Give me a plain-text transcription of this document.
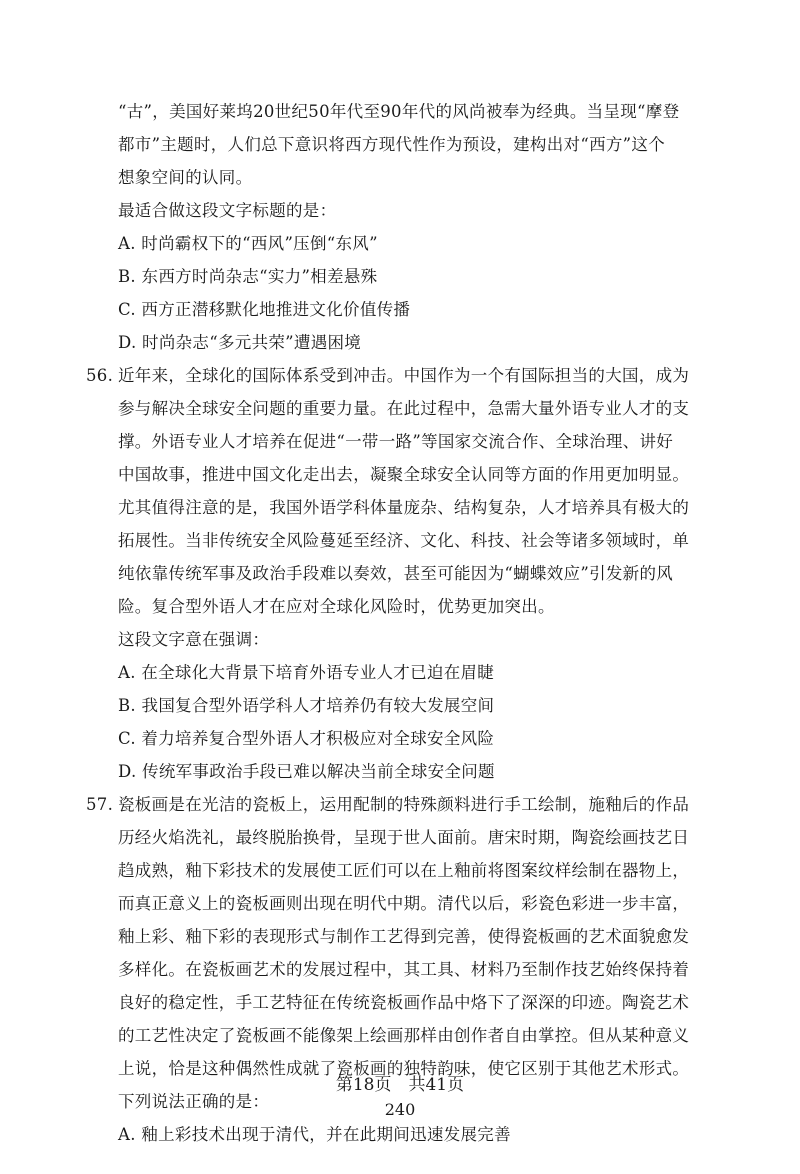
“古”，美国好莱坞20世纪50年代至90年代的风尚被奉为经典。当呈现“摩登
都市”主题时，人们总下意识将西方现代性作为预设，建构出对“西方”这个
想象空间的认同。
最适合做这段文字标题的是：
A. 时尚霸权下的“西风”压倒“东风”
B. 东西方时尚杂志“实力”相差悬殊
C. 西方正潜移默化地推进文化价值传播
D. 时尚杂志“多元共荣”遭遇困境
56. 近年来，全球化的国际体系受到冲击。中国作为一个有国际担当的大国，成为
参与解决全球安全问题的重要力量。在此过程中，急需大量外语专业人才的支
撑。外语专业人才培养在促进“一带一路”等国家交流合作、全球治理、讲好
中国故事，推进中国文化走出去，凝聚全球安全认同等方面的作用更加明显。
尤其值得注意的是，我国外语学科体量庞杂、结构复杂，人才培养具有极大的
拓展性。当非传统安全风险蔓延至经济、文化、科技、社会等诸多领域时，单
纯依靠传统军事及政治手段难以奏效，甚至可能因为“蝴蝶效应”引发新的风
险。复合型外语人才在应对全球化风险时，优势更加突出。
这段文字意在强调：
A. 在全球化大背景下培育外语专业人才已迫在眉睫
B. 我国复合型外语学科人才培养仍有较大发展空间
C. 着力培养复合型外语人才积极应对全球安全风险
D. 传统军事政治手段已难以解决当前全球安全问题
57. 瓷板画是在光洁的瓷板上，运用配制的特殊颜料进行手工绘制，施釉后的作品
历经火焰洗礼，最终脱胎换骨，呈现于世人面前。唐宋时期，陶瓷绘画技艺日
趋成熟，釉下彩技术的发展使工匠们可以在上釉前将图案纹样绘制在器物上，
而真正意义上的瓷板画则出现在明代中期。清代以后，彩瓷色彩进一步丰富，
釉上彩、釉下彩的表现形式与制作工艺得到完善，使得瓷板画的艺术面貌愈发
多样化。在瓷板画艺术的发展过程中，其工具、材料乃至制作技艺始终保持着
良好的稳定性，手工艺特征在传统瓷板画作品中烙下了深深的印迹。陶瓷艺术
的工艺性决定了瓷板画不能像架上绘画那样由创作者自由掌控。但从某种意义
上说，恰是这种偶然性成就了瓷板画的独特韵味，使它区别于其他艺术形式。
下列说法正确的是：
A. 釉上彩技术出现于清代，并在此期间迅速发展完善
第18页　共41页
240
